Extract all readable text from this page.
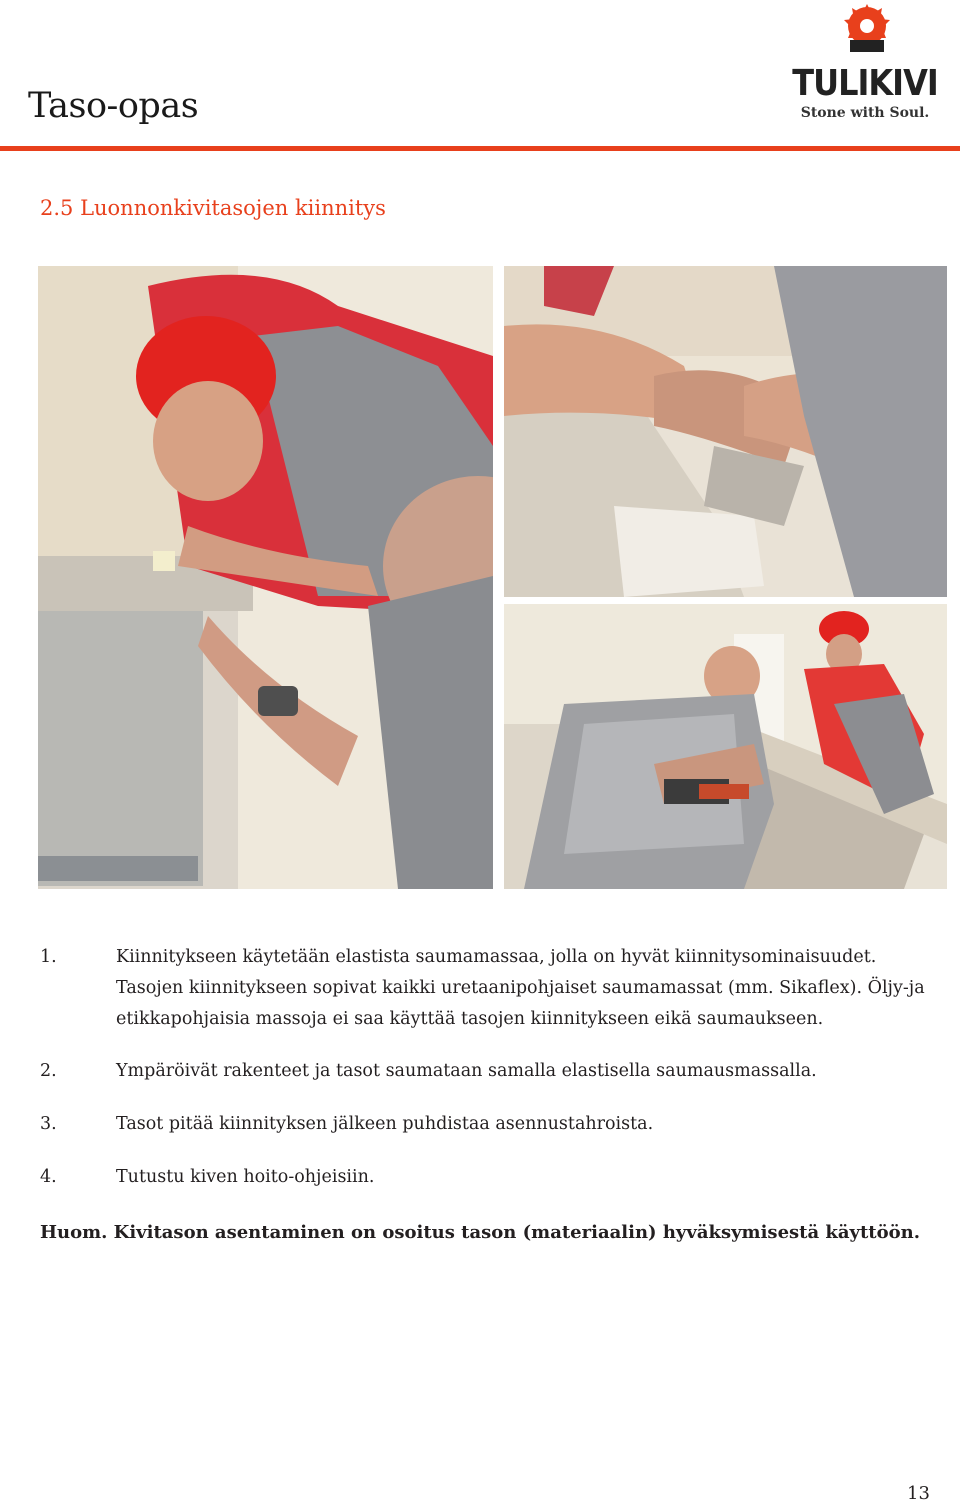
Taso-opas
TULIKIVI
Stone with Soul.
2.5 Luonnonkivitasojen kiinnitys
1.	Kiinnitykseen käytetään elastista saumamassaa, jolla on hyvät kiinnitysominaisuudet. Tasojen kiinnitykseen sopivat kaikki uretaanipohjaiset saumamassat (mm. Sikaflex). Öljy-ja etikkapohjaisia massoja ei saa käyttää tasojen kiinnitykseen eikä saumaukseen.
2.	Ympäröivät rakenteet ja tasot saumataan samalla elastisella saumausmassalla.
3.	Tasot pitää kiinnityksen jälkeen puhdistaa asennustahroista.
4.	Tutustu kiven hoito-ohjeisiin.

Huom. Kivitason asentaminen on osoitus tason (materiaalin) hyväksymisestä käyttöön.

13
